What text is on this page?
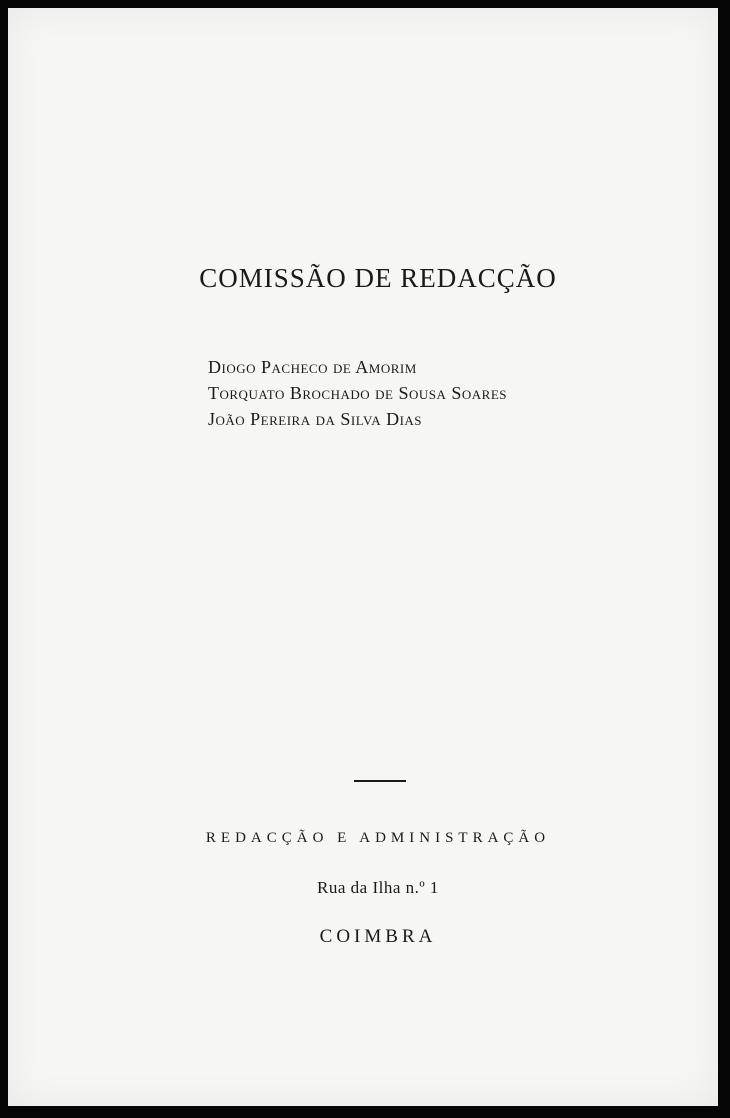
COMISSÃO DE REDACÇÃO
Diogo Pacheco de Amorim
Torquato Brochado de Sousa Soares
João Pereira da Silva Dias
REDACÇÃO E ADMINISTRAÇÃO
Rua da Ilha n.º 1
COIMBRA
